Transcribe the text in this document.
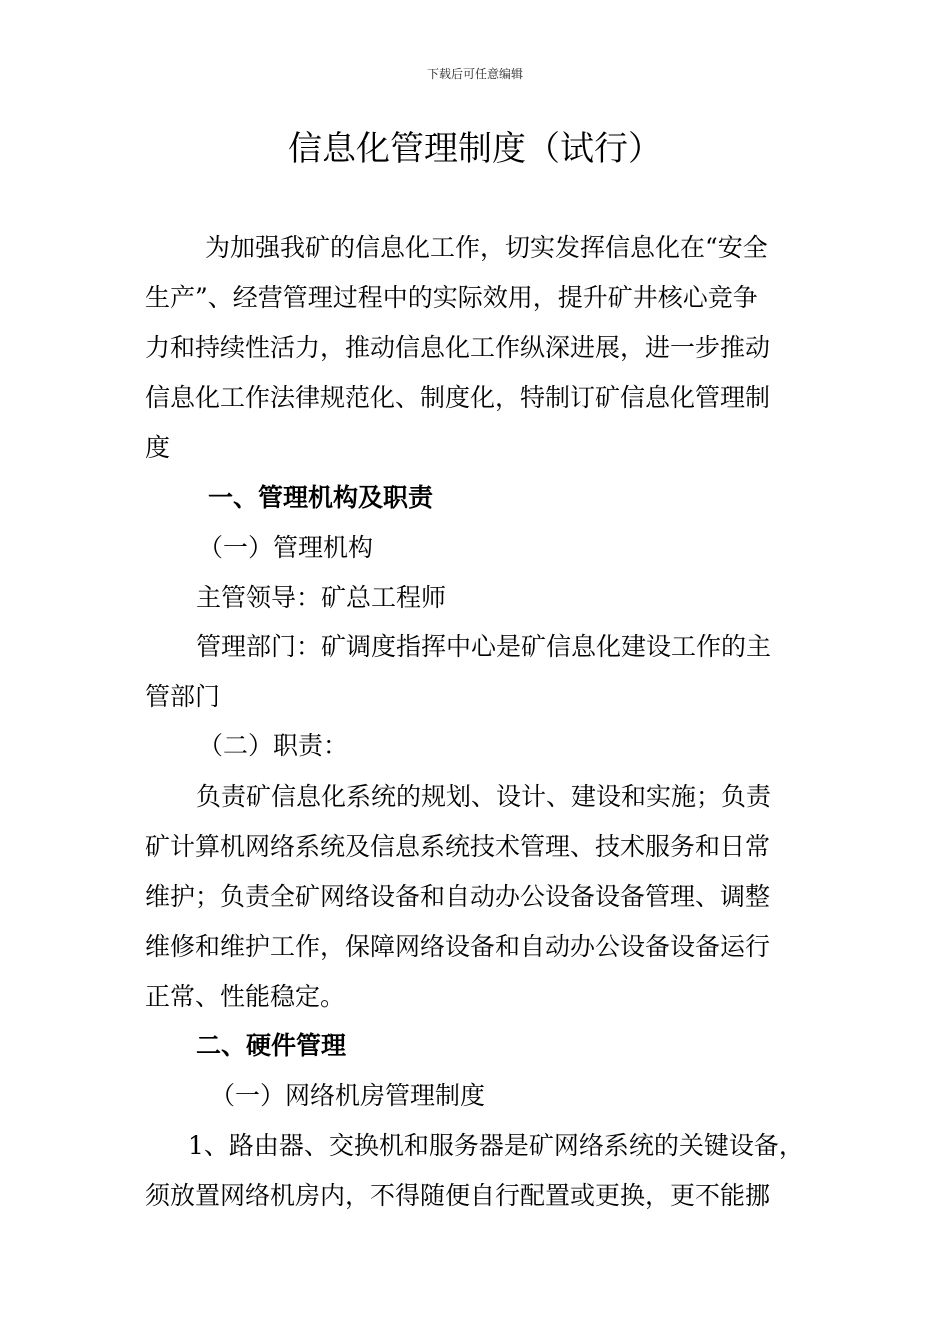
下载后可任意编辑
信息化管理制度（试行）
为加强我矿的信息化工作，切实发挥信息化在“安全
生产”、经营管理过程中的实际效用，提升矿井核心竞争
力和持续性活力，推动信息化工作纵深进展，进一步推动
信息化工作法律规范化、制度化，特制订矿信息化管理制
度
一、管理机构及职责
（一）管理机构
主管领导：矿总工程师
管理部门：矿调度指挥中心是矿信息化建设工作的主
管部门
（二）职责：
负责矿信息化系统的规划、设计、建设和实施；负责
矿计算机网络系统及信息系统技术管理、技术服务和日常
维护；负责全矿网络设备和自动办公设备设备管理、调整
维修和维护工作，保障网络设备和自动办公设备设备运行
正常、性能稳定。
二、硬件管理
（一）网络机房管理制度
1、路由器、交换机和服务器是矿网络系统的关键设备，
须放置网络机房内，不得随便自行配置或更换，更不能挪
